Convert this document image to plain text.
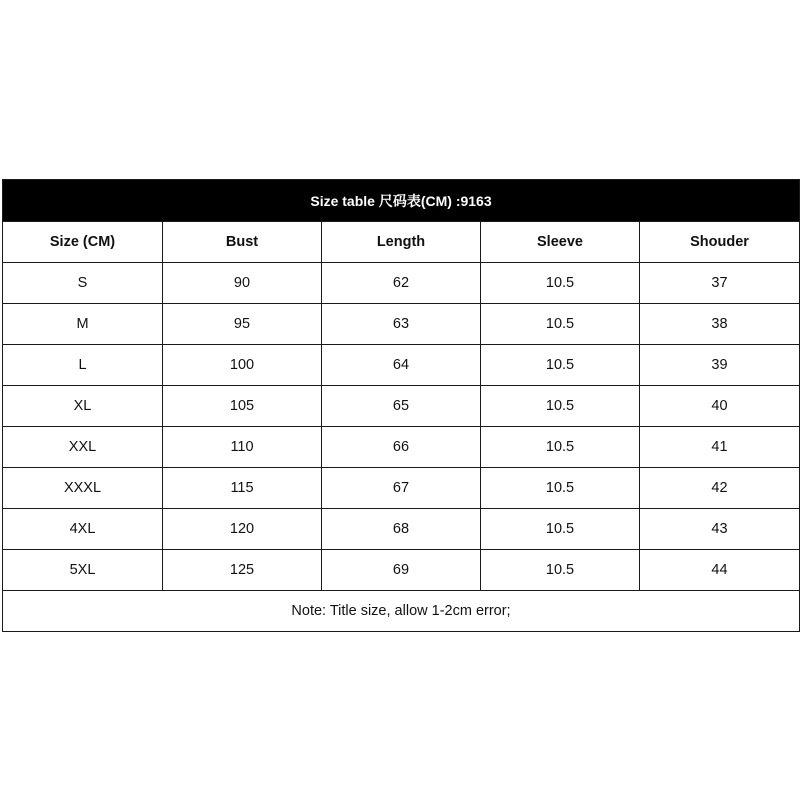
Size table 尺码表(CM) :9163				
Size (CM)	Bust	Length	Sleeve	Shouder
S	90	62	10.5	37
M	95	63	10.5	38
L	100	64	10.5	39
XL	105	65	10.5	40
XXL	110	66	10.5	41
XXXL	115	67	10.5	42
4XL	120	68	10.5	43
5XL	125	69	10.5	44
Note: Title size, allow 1-2cm error;				
